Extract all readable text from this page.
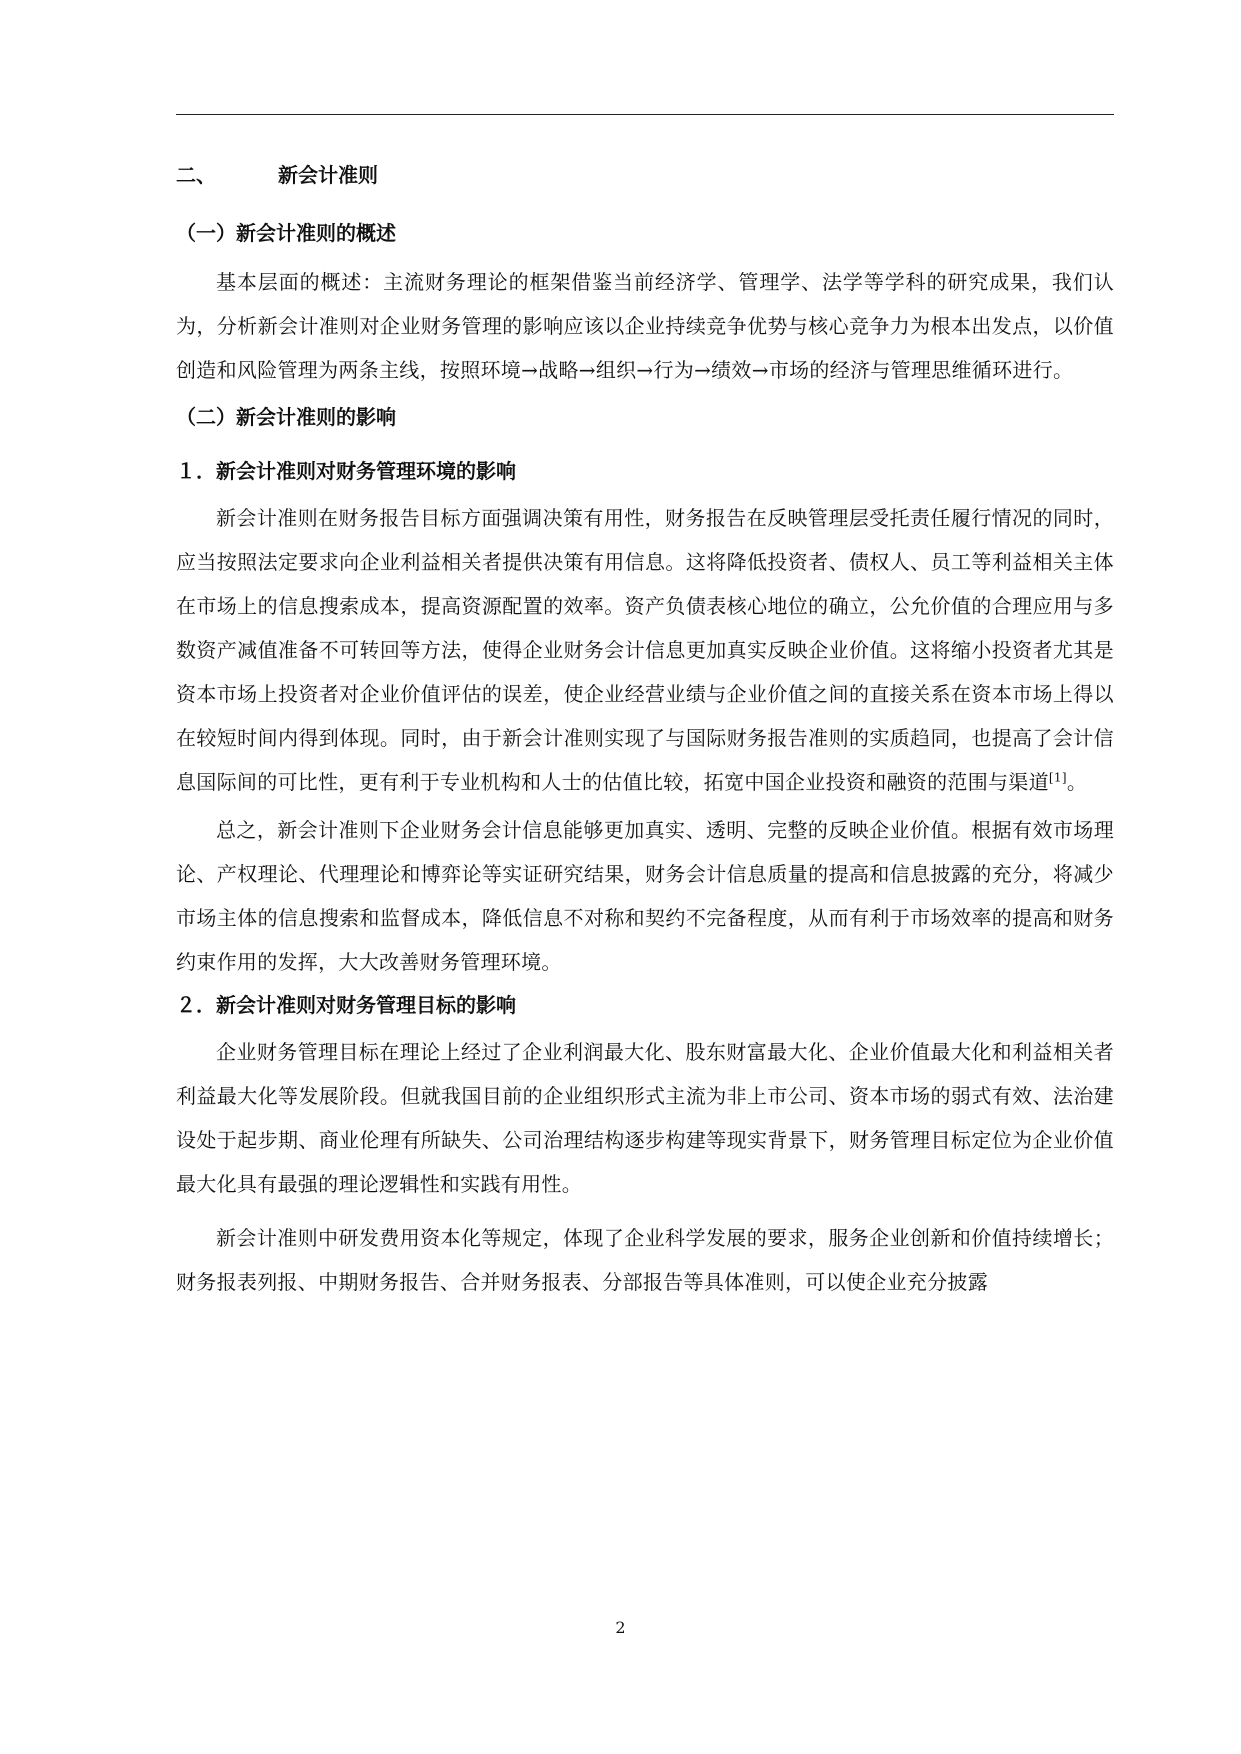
二、	新会计准则
（一）新会计准则的概述

基本层面的概述：主流财务理论的框架借鉴当前经济学、管理学、法学等学科的研究成果，我们认为，分析新会计准则对企业财务管理的影响应该以企业持续竞争优势与核心竞争力为根本出发点，以价值创造和风险管理为两条主线，按照环境→战略→组织→行为→绩效→市场的经济与管理思维循环进行。

（二）新会计准则的影响
１．新会计准则对财务管理环境的影响

新会计准则在财务报告目标方面强调决策有用性，财务报告在反映管理层受托责任履行情况的同时，应当按照法定要求向企业利益相关者提供决策有用信息。这将降低投资者、债权人、员工等利益相关主体在市场上的信息搜索成本，提高资源配置的效率。资产负债表核心地位的确立，公允价值的合理应用与多数资产减值准备不可转回等方法，使得企业财务会计信息更加真实反映企业价值。这将缩小投资者尤其是资本市场上投资者对企业价值评估的误差，使企业经营业绩与企业价值之间的直接关系在资本市场上得以在较短时间内得到体现。同时，由于新会计准则实现了与国际财务报告准则的实质趋同，也提高了会计信息国际间的可比性，更有利于专业机构和人士的估值比较，拓宽中国企业投资和融资的范围与渠道[1]。

总之，新会计准则下企业财务会计信息能够更加真实、透明、完整的反映企业价值。根据有效市场理论、产权理论、代理理论和博弈论等实证研究结果，财务会计信息质量的提高和信息披露的充分，将减少市场主体的信息搜索和监督成本，降低信息不对称和契约不完备程度，从而有利于市场效率的提高和财务约束作用的发挥，大大改善财务管理环境。

２．新会计准则对财务管理目标的影响

企业财务管理目标在理论上经过了企业利润最大化、股东财富最大化、企业价值最大化和利益相关者利益最大化等发展阶段。但就我国目前的企业组织形式主流为非上市公司、资本市场的弱式有效、法治建设处于起步期、商业伦理有所缺失、公司治理结构逐步构建等现实背景下，财务管理目标定位为企业价值最大化具有最强的理论逻辑性和实践有用性。

新会计准则中研发费用资本化等规定，体现了企业科学发展的要求，服务企业创新和价值持续增长；财务报表列报、中期财务报告、合并财务报表、分部报告等具体准则，可以使企业充分披露

2
